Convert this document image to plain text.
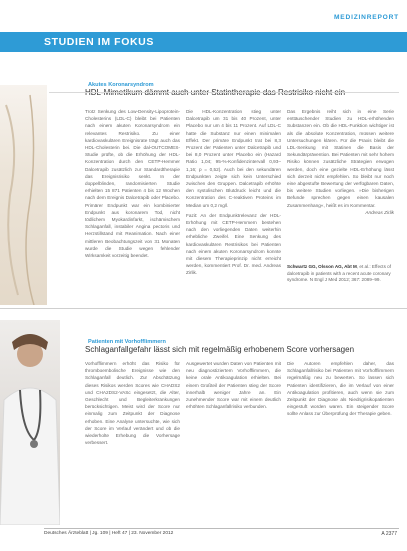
MEDIZINREPORT
STUDIEN IM FOKUS
Akutes Koronarsyndrom

Trotz Senkung des Low-Density-Lipoprotein-Cholesterins (LDL-C) bleibt bei Patienten nach einem akuten Koronarsyndrom ein relevantes Restrisiko. Zu einer kardiovaskulären Ereignisrate trägt auch das HDL-Cholesterin bei. Die dal-OUTCOMES-Studie prüfte, ob die Erhöhung der HDL-Konzentration durch den CETP-Hemmer Dalcetrapib zusätzlich zur Standardtherapie das Ereignisrisiko senkt. In der doppelblinden, randomisierten Studie erhielten 15 871 Patienten 4 bis 12 Wochen nach dem Ereignis Dalcetrapib oder Placebo. Primärer Endpunkt war ein kombinierter Endpunkt aus koronarem Tod, nicht tödlichem Myokardinfarkt, ischämischem Schlaganfall, instabiler Angina pectoris und Herzstillstand mit Reanimation. Nach einer mittleren Beobachtungszeit von 31 Monaten wurde die Studie wegen fehlender Wirksamkeit vorzeitig beendet.

Die HDL-Konzentration stieg unter Dalcetrapib um 31 bis 40 Prozent, unter Placebo nur um 4 bis 11 Prozent. Auf LDL-C hatte die Substanz nur einen minimalen Effekt. Der primäre Endpunkt trat bei 8,3 Prozent der Patienten unter Dalcetrapib und bei 8,0 Prozent unter Placebo ein (Hazard Ratio 1,04; 95-%-Konfidenzintervall 0,93–1,16; p = 0,52). Auch bei den sekundären Endpunkten zeigte sich kein Unterschied zwischen den Gruppen. Dalcetrapib erhöhte den systolischen Blutdruck leicht und die Konzentration des C-reaktiven Proteins im Median um 0,2 mg/l.

Fazit: An der Endpunktrelevanz der HDL-Erhöhung mit CETP-Hemmern bestehen nach den vorliegenden Daten weiterhin erhebliche Zweifel. Eine Senkung des kardiovaskulären Restrisikos bei Patienten nach einem akuten Koronarsyndrom konnte mit diesem Therapieprinzip nicht erreicht werden, kommentiert Prof. Dr. med. Andreas Zirlik.

Das Ergebnis reiht sich in eine Serie enttäuschender Studien zu HDL-erhöhenden Substanzen ein. Ob die HDL-Funktion wichtiger ist als die absolute Konzentration, müssen weitere Untersuchungen klären. Für die Praxis bleibt die LDL-Senkung mit Statinen die Basis der Sekundärprävention. Bei Patienten mit sehr hohem Risiko können zusätzliche Strategien erwogen werden, doch eine gezielte HDL-Erhöhung lässt sich derzeit nicht empfehlen. So bleibt nur noch eine abgestufte Bewertung der verfügbaren Daten, bis weitere Studien vorliegen. »Die bisherigen Befunde sprechen gegen einen kausalen Zusammenhang«, heißt es im Kommentar.

Andreas Zirlik

Schwartz GG, Olsson AG, Abt M, et al.: Effects of dalcetrapib in patients with a recent acute coronary syndrome. N Engl J Med 2012; 367: 2089–99.
Patienten mit Vorhofflimmern
Schlaganfallgefahr lässt sich mit regelmäßig erhobenem Score vorhersagen

Vorhofflimmern erhöht das Risiko für thromboembolische Ereignisse wie den Schlaganfall deutlich. Zur Abschätzung dieses Risikos werden Scores wie CHADS2 und CHA2DS2-VASc eingesetzt, die Alter, Geschlecht und Begleiterkrankungen berücksichtigen. Meist wird der Score nur einmalig zum Zeitpunkt der Diagnose erhoben. Eine Analyse untersuchte, wie sich der Score im Verlauf verändert und ob die wiederholte Erhebung die Vorhersage verbessert.

Ausgewertet wurden Daten von Patienten mit neu diagnostiziertem Vorhofflimmern, die keine orale Antikoagulation erhielten. Bei einem Großteil der Patienten stieg der Score innerhalb weniger Jahre an. Ein zunehmender Score war mit einem deutlich erhöhten Schlaganfallrisiko verbunden.

Die Autoren empfehlen daher, das Schlaganfallrisiko bei Patienten mit Vorhofflimmern regelmäßig neu zu bewerten. So lassen sich Patienten identifizieren, die im Verlauf von einer Antikoagulation profitieren, auch wenn sie zum Zeitpunkt der Diagnose als Niedrigrisikopatienten eingestuft worden waren. Ein steigender Score sollte Anlass zur Überprüfung der Therapie geben.

Deutsches Ärzteblatt | Jg. 109 | Heft 47 | 23. November 2012	A 2377
